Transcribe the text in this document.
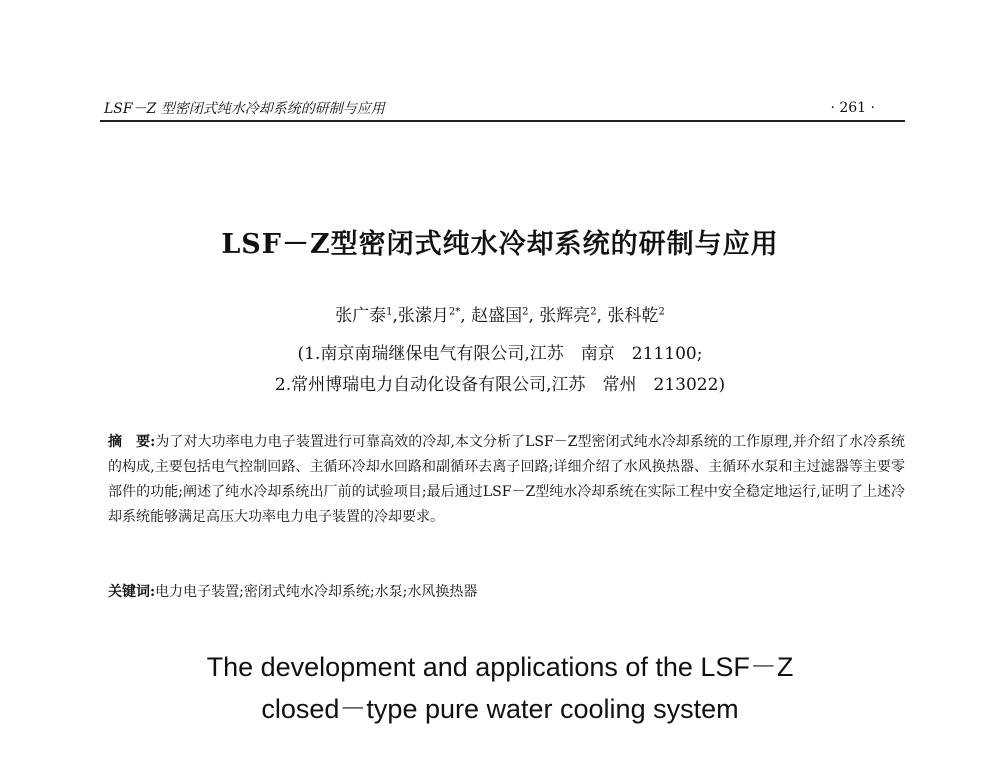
LSF－Z 型密闭式纯水冷却系统的研制与应用	· 261 ·
LSF－Z型密闭式纯水冷却系统的研制与应用
张广泰$^1$,张潆月$^{2*}$, 赵盛国$^2$, 张辉亮$^2$, 张科乾$^2$
(1.南京南瑞继保电气有限公司,江苏　南京　211100;
2.常州博瑞电力自动化设备有限公司,江苏　常州　213022)
摘　要:为了对大功率电力电子装置进行可靠高效的冷却,本文分析了LSF－Z型密闭式纯水冷却系统的工作原理,并介绍了水冷系统的构成,主要包括电气控制回路、主循环冷却水回路和副循环去离子回路;详细介绍了水风换热器、主循环水泵和主过滤器等主要零部件的功能;阐述了纯水冷却系统出厂前的试验项目;最后通过LSF－Z型纯水冷却系统在实际工程中安全稳定地运行,证明了上述冷却系统能够满足高压大功率电力电子装置的冷却要求。
关键词:电力电子装置;密闭式纯水冷却系统;水泵;水风换热器
The development and applications of the LSF－Z
closed－type pure water cooling system
